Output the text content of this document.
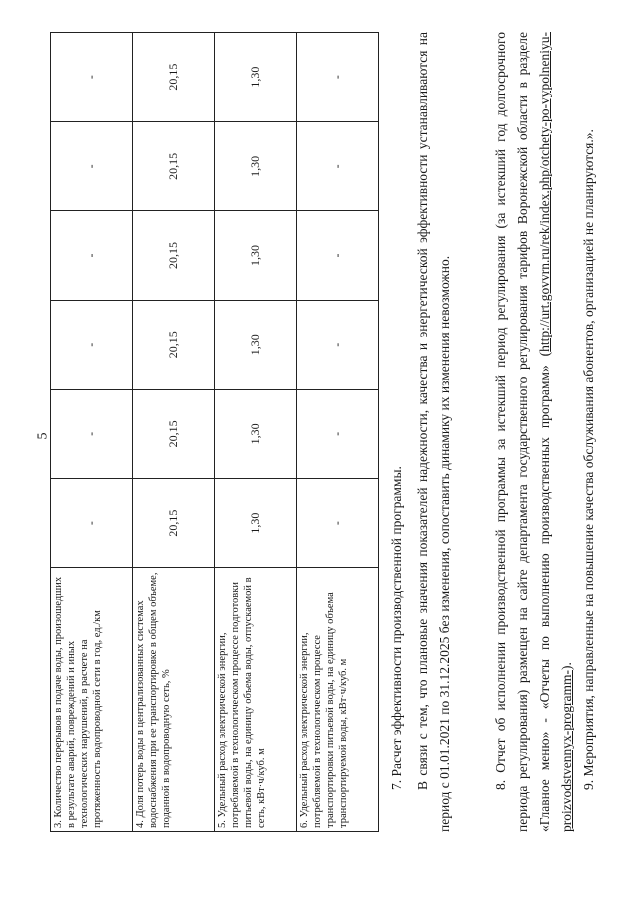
5
3. Количество перерывов в подаче воды, произошедших в результате аварий, повреждений и иных технологических нарушений, в расчете на протяженность водопроводной сети в год, ед./км	-	-	-	-	-	-
4. Доля потерь воды в централизованных системах водоснабжения при ее транспортировке в общем объеме, поданной в водопроводную сеть, %	20,15	20,15	20,15	20,15	20,15	20,15
5. Удельный расход электрической энергии, потребляемой в технологическом процессе подготовки питьевой воды, на единицу объема воды, отпускаемой в сеть, кВт·ч/куб. м	1,30	1,30	1,30	1,30	1,30	1,30
6. Удельный расход электрической энергии, потребляемой в технологическом процессе транспортировки питьевой воды, на единицу объема транспортируемой воды, кВт·ч/куб. м	-	-	-	-	-	-
7. Расчет эффективности производственной программы. В связи с тем, что плановые значения показателей надежности, качества и энергетической эффективности устанавливаются на период с 01.01.2021 по 31.12.2025 без изменения, сопоставить динамику их изменения невозможно.	8. Отчет об исполнении производственной программы за истекший период регулирования (за истекший год долгосрочного периода регулирования) размещен на сайте департамента государственного регулирования тарифов Воронежской области в разделе «Главное меню» - «Отчеты по выполнению производственных программ» (http://urt.govvrn.ru/rek/index.php/otchety-po-vypolneniyu-proizvodstvennyx-programm-). 9. Мероприятия, направленные на повышение качества обслуживания абонентов, организацией не планируются.».
